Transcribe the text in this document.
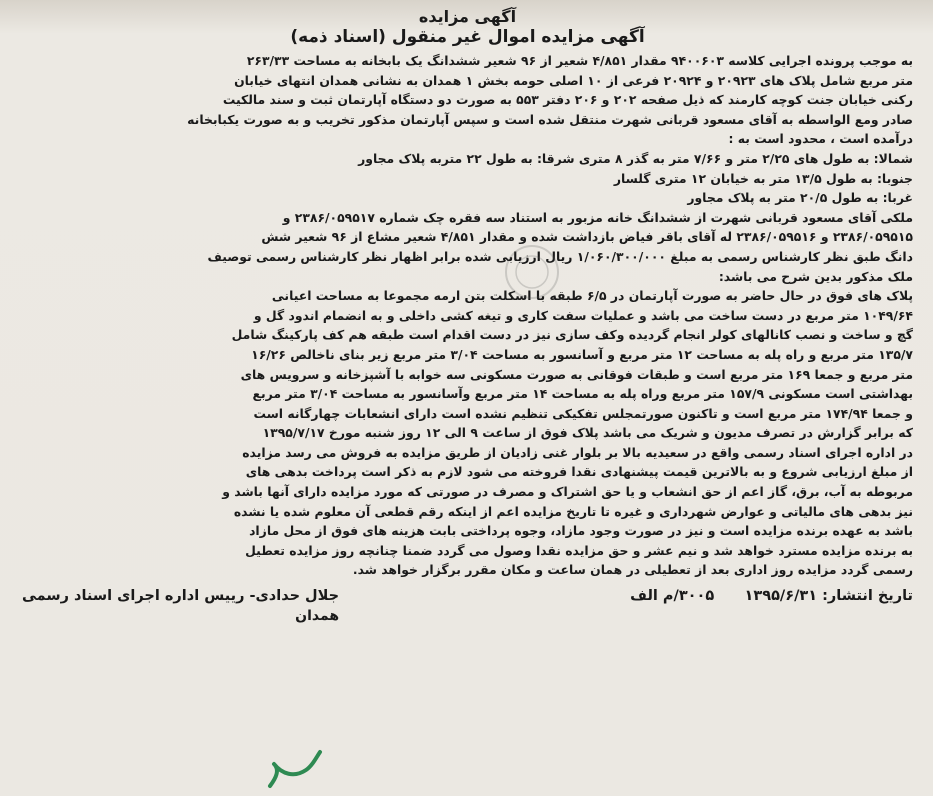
آگهی مزایده
آگهی مزایده اموال غیر منقول (اسناد ذمه)

به موجب پرونده اجرایی کلاسه ۹۴۰۰۶۰۳ مقدار ۴/۸۵۱ شعیر از ۹۶ شعیر ششدانگ یک بابخانه به مساحت ۲۶۳/۳۳

متر مربع شامل پلاک های ۲۰۹۲۳ و ۲۰۹۲۴ فرعی از ۱۰ اصلی حومه بخش ۱ همدان به نشانی همدان انتهای خیابان

رکنی خیابان جنت کوچه کارمند که ذیل صفحه ۲۰۲ و ۲۰۶ دفتر ۵۵۳ به صورت دو دستگاه آپارتمان ثبت و سند مالکیت

صادر ومع الواسطه به آقای مسعود قربانی شهرت منتقل شده است و سپس آپارتمان مذکور تخریب و به صورت یکبابخانه

درآمده است ، محدود است به :

شمالا: به طول های ۲/۲۵ متر و ۷/۶۶ متر به گذر ۸ متری شرقا: به طول ۲۲ متربه پلاک مجاور

جنوبا: به طول ۱۳/۵ متر به خیابان ۱۲ متری گلسار

غربا: به طول ۲۰/۵ متر به پلاک مجاور

ملکی آقای مسعود قربانی شهرت از ششدانگ خانه مزبور به استناد سه فقره چک شماره ۲۳۸۶/۰۵۹۵۱۷ و

۲۳۸۶/۰۵۹۵۱۵ و ۲۳۸۶/۰۵۹۵۱۶ له آقای باقر فیاض بازداشت شده و مقدار ۴/۸۵۱ شعیر مشاع از ۹۶ شعیر شش

دانگ طبق نظر کارشناس رسمی به مبلغ ۱/۰۶۰/۳۰۰/۰۰۰ ریال ارزیابی شده برابر اظهار نظر کارشناس رسمی توصیف

ملک مذکور بدین شرح می باشد:

پلاک های فوق در حال حاضر به صورت آپارتمان در ۶/۵ طبقه با اسکلت بتن ارمه مجموعا به مساحت اعیانی

۱۰۴۹/۶۴ متر مربع در دست ساخت می باشد و عملیات سفت کاری و تیغه کشی داخلی و به انضمام اندود گل و

گچ و ساخت و نصب کانالهای کولر انجام گردیده وکف سازی نیز در دست اقدام است طبقه هم کف پارکینگ شامل

۱۳۵/۷ متر مربع و راه پله به مساحت ۱۲ متر مربع و آسانسور به مساحت ۳/۰۴ متر مربع زیر بنای ناخالص ۱۶/۲۶

متر مربع و جمعا ۱۶۹ متر مربع است و طبقات فوقانی به صورت مسکونی سه خوابه با آشپزخانه و سرویس های

بهداشتی است مسکونی ۱۵۷/۹ متر مربع وراه پله به مساحت ۱۴ متر مربع وآسانسور به مساحت ۳/۰۴ متر مربع

و جمعا ۱۷۴/۹۴ متر مربع است و تاکنون صورتمجلس تفکیکی تنظیم نشده است دارای انشعابات چهارگانه است

که برابر گزارش در تصرف مدیون و شریک می باشد پلاک فوق از ساعت ۹ الی ۱۲ روز شنبه مورخ ۱۳۹۵/۷/۱۷

در اداره اجرای اسناد رسمی واقع در سعیدیه بالا بر بلوار غنی زادیان از طریق مزایده به فروش می رسد مزایده

از مبلغ ارزیابی شروع و به بالاترین قیمت پیشنهادی نقدا فروخته می شود لازم به ذکر است پرداخت بدهی های

مربوطه به آب، برق، گاز اعم از حق انشعاب و یا حق اشتراک و مصرف در صورتی که مورد مزایده دارای آنها باشد و

نیز بدهی های مالیاتی و عوارض شهرداری و غیره تا تاریخ مزایده اعم از اینکه رقم قطعی آن معلوم شده یا نشده

باشد به عهده برنده مزایده است و نیز در صورت وجود مازاد، وجوه پرداختی بابت هزینه های فوق از محل مازاد

به برنده مزایده مسترد خواهد شد و نیم عشر و حق مزایده نقدا وصول می گردد ضمنا چنانچه روز مزایده تعطیل

رسمی گردد مزایده روز اداری بعد از تعطیلی در همان ساعت و مکان مقرر برگزار خواهد شد.

تاریخ انتشار: ۱۳۹۵/۶/۳۱      ۳۰۰۵/م الف
جلال حدادی- رییس اداره اجرای اسناد رسمی
همدان
